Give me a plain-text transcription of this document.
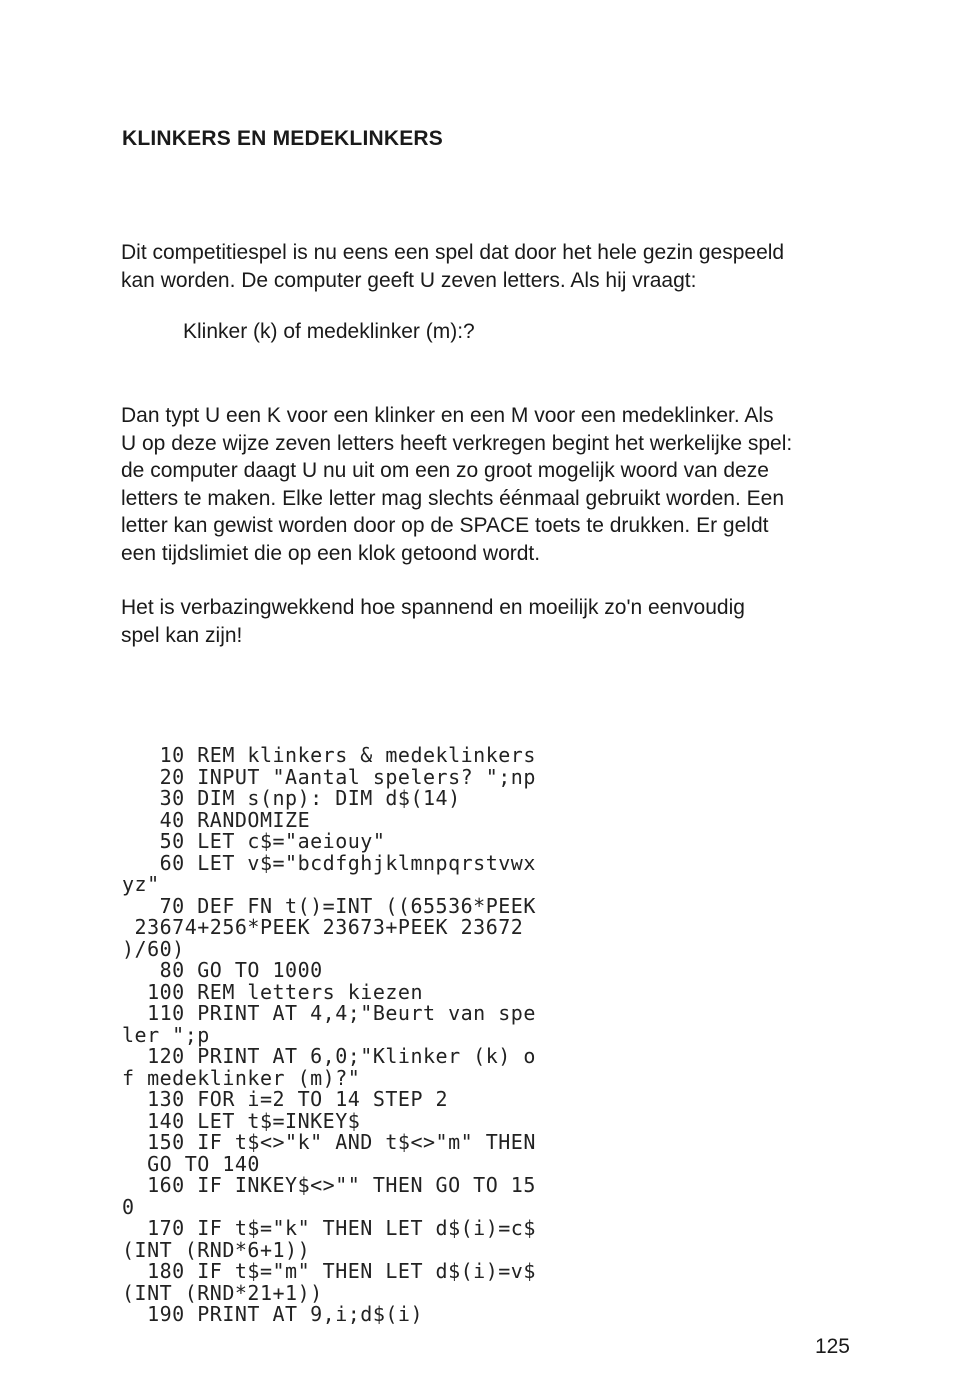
KLINKERS EN MEDEKLINKERS

Dit competitiespel is nu eens een spel dat door het hele gezin gespeeld
kan worden. De computer geeft U zeven letters. Als hij vraagt:

Klinker (k) of medeklinker (m):?

Dan typt U een K voor een klinker en een M voor een medeklinker. Als
U op deze wijze zeven letters heeft verkregen begint het werkelijke spel:
de computer daagt U nu uit om een zo groot mogelijk woord van deze
letters te maken. Elke letter mag slechts éénmaal gebruikt worden. Een
letter kan gewist worden door op de SPACE toets te drukken. Er geldt
een tijdslimiet die op een klok getoond wordt.

Het is verbazingwekkend hoe spannend en moeilijk zo'n eenvoudig
spel kan zijn!

10 REM klinkers & medeklinkers
20 INPUT "Aantal spelers? ";np
30 DIM s(np): DIM d$(14)
40 RANDOMIZE
50 LET c$="aeiouy"
60 LET v$="bcdfghjklmnpqrstvwx
yz"
70 DEF FN t()=INT ((65536*PEEK
23674+256*PEEK 23673+PEEK 23672
)/60)
80 GO TO 1000
100 REM letters kiezen
110 PRINT AT 4,4;"Beurt van spe
ler ";p
120 PRINT AT 6,0;"Klinker (k) o
f medeklinker (m)?"
130 FOR i=2 TO 14 STEP 2
140 LET t$=INKEY$
150 IF t$<>"k" AND t$<>"m" THEN
GO TO 140
160 IF INKEY$<>"" THEN GO TO 15
0
170 IF t$="k" THEN LET d$(i)=c$
(INT (RND*6+1))
180 IF t$="m" THEN LET d$(i)=v$
(INT (RND*21+1))
190 PRINT AT 9,i;d$(i)

125
